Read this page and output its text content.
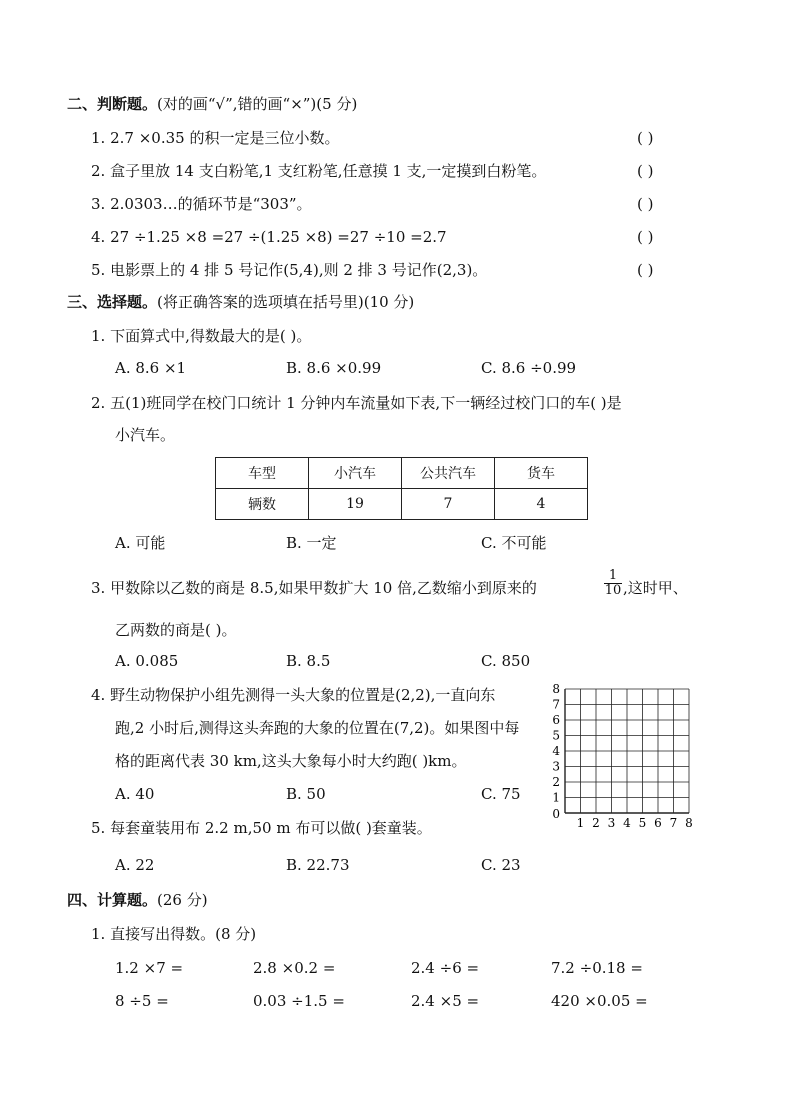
二、判断题。(对的画“√”,错的画“×”)(5 分)
1. 2.7 ×0.35 的积一定是三位小数。	( )
2. 盒子里放 14 支白粉笔,1 支红粉笔,任意摸 1 支,一定摸到白粉笔。	( )
3. 2.0303…的循环节是“303”。	( )
4. 27 ÷1.25 ×8 =27 ÷(1.25 ×8) =27 ÷10 =2.7	( )
5. 电影票上的 4 排 5 号记作(5,4),则 2 排 3 号记作(2,3)。	( )
三、选择题。(将正确答案的选项填在括号里)(10 分)
1. 下面算式中,得数最大的是( )。
A. 8.6 ×1	B. 8.6 ×0.99	C. 8.6 ÷0.99
2. 五(1)班同学在校门口统计 1 分钟内车流量如下表,下一辆经过校门口的车( )是
小汽车。
车型	小汽车	公共汽车	货车
辆数	19	7	4
A. 可能	B. 一定	C. 不可能
3. 甲数除以乙数的商是 8.5,如果甲数扩大 10 倍,乙数缩小到原来的	$\frac{1}{10}$ ,这时甲、
乙两数的商是( )。
A. 0.085	B. 8.5	C. 850
4. 野生动物保护小组先测得一头大象的位置是(2,2),一直向东
跑,2 小时后,测得这头奔跑的大象的位置在(7,2)。如果图中每
格的距离代表 30 km,这头大象每小时大约跑( )km。
A. 40	B. 50	C. 75
1 2 3 4 5 6 7 8
1
2
3
4
5
6
7
8
0
5. 每套童装用布 2.2 m,50 m 布可以做( )套童装。
A. 22	B. 22.73	C. 23
四、计算题。(26 分)
1. 直接写出得数。(8 分)
1.2 ×7 =	2.8 ×0.2 =	2.4 ÷6 =	7.2 ÷0.18 =
8 ÷5 =	0.03 ÷1.5 =	2.4 ×5 =	420 ×0.05 =
